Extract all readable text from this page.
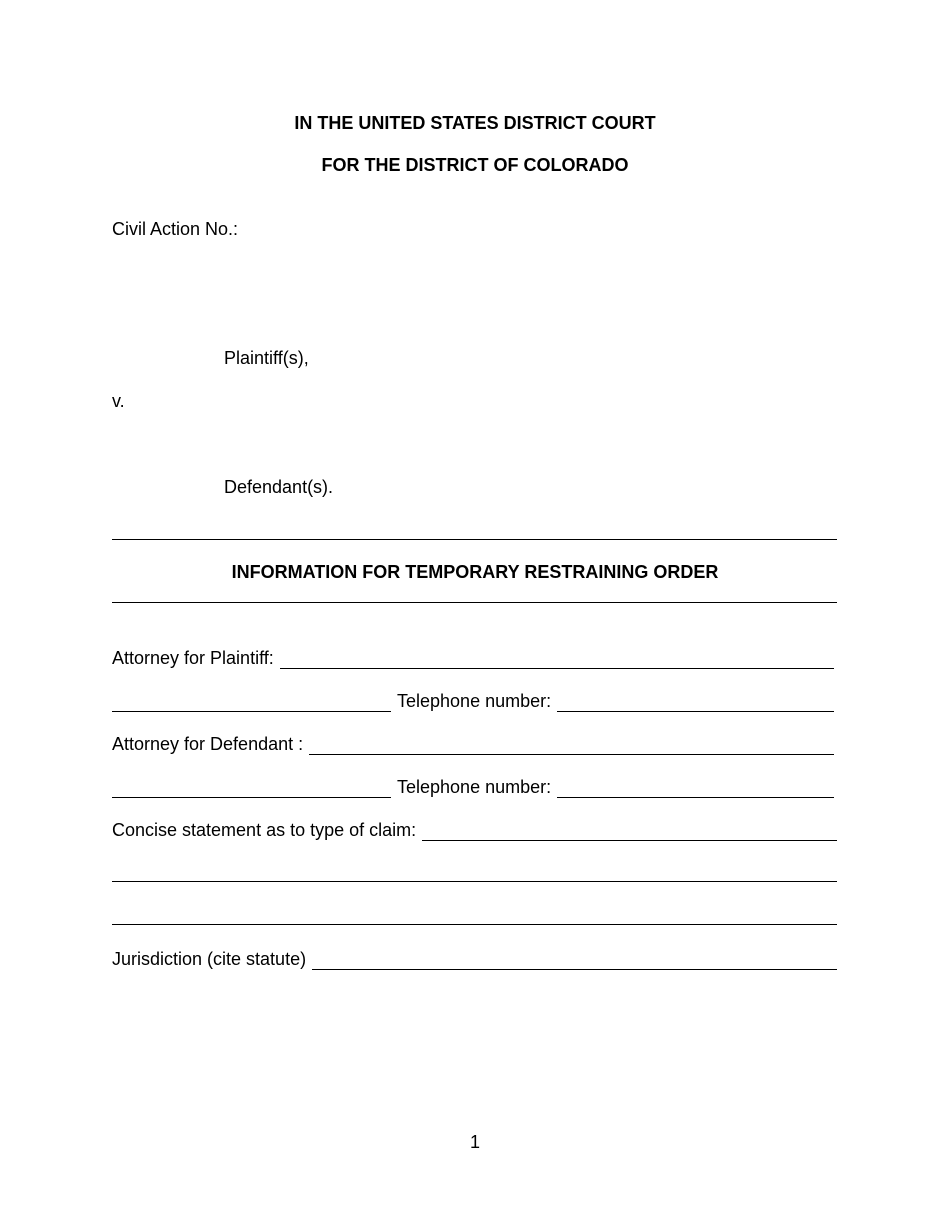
IN THE UNITED STATES DISTRICT COURT
FOR THE DISTRICT OF COLORADO
Civil Action No.:
Plaintiff(s),
v.
Defendant(s).
INFORMATION FOR TEMPORARY RESTRAINING ORDER
Attorney for Plaintiff:
Telephone number:
Attorney for Defendant :
Telephone number:
Concise statement as to type of claim:
Jurisdiction (cite statute)
1
